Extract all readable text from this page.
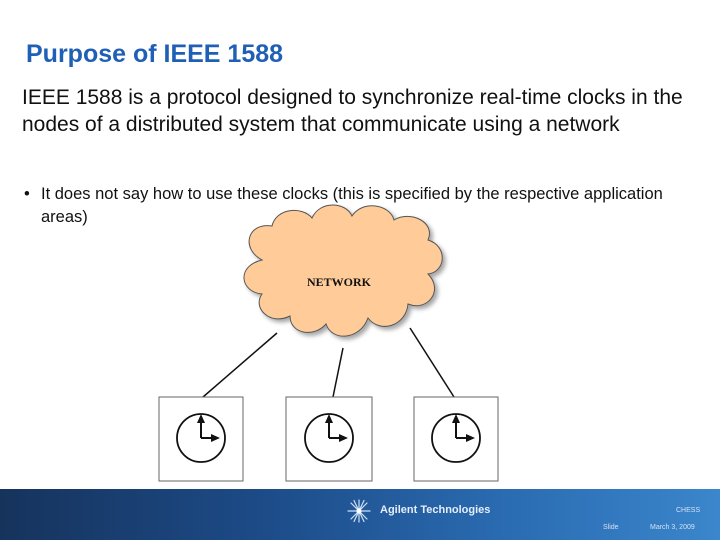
Purpose of IEEE 1588

IEEE 1588 is a protocol designed to synchronize real-time clocks in the nodes of a distributed system that communicate using a network

• It does not say how to use these clocks (this is specified by the respective application areas)
NETWORK
Agilent Technologies	CHESS
Slide	March 3, 2009
